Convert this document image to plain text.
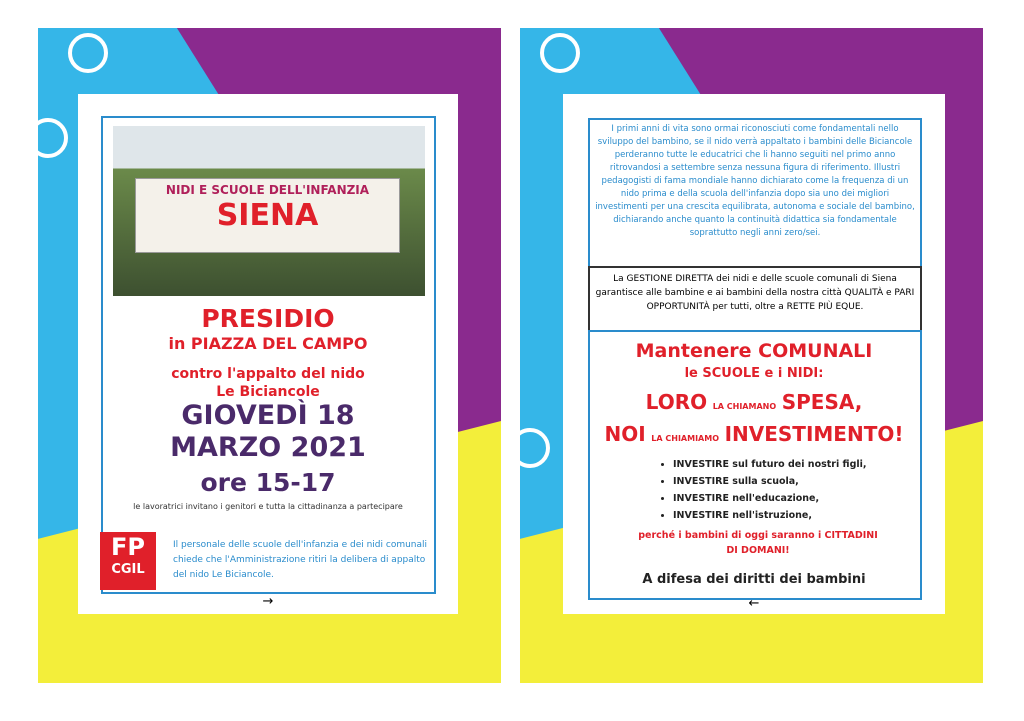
NIDI E SCUOLE DELL'INFANZIA
SIENA
PRESIDIO
in PIAZZA DEL CAMPO
contro l'appalto del nido
Le Biciancole
GIOVEDÌ 18
MARZO 2021
ore 15-17
le lavoratrici invitano i genitori e tutta la cittadinanza a partecipare
FP
CGIL
Il personale delle scuole dell'infanzia e dei nidi comunali chiede che l'Amministrazione ritiri la delibera di appalto del nido Le Biciancole.
→
I primi anni di vita sono ormai riconosciuti come fondamentali nello sviluppo del bambino, se il nido verrà appaltato i bambini delle Biciancole perderanno tutte le educatrici che li hanno seguiti nel primo anno ritrovandosi a settembre senza nessuna figura di riferimento. Illustri pedagogisti di fama mondiale hanno dichiarato come la frequenza di un nido prima e della scuola dell'infanzia dopo sia uno dei migliori investimenti per una crescita equilibrata, autonoma e sociale del bambino, dichiarando anche quanto la continuità didattica sia fondamentale soprattutto negli anni zero/sei.
La GESTIONE DIRETTA dei nidi e delle scuole comunali di Siena garantisce alle bambine e ai bambini della nostra città QUALITÀ e PARI OPPORTUNITÀ per tutti, oltre a RETTE PIÙ EQUE.
Mantenere COMUNALI
le SCUOLE e i NIDI:
LORO LA CHIAMANO SPESA,
NOI LA CHIAMIAMO INVESTIMENTO!
• INVESTIRE sul futuro dei nostri figli,
• INVESTIRE sulla scuola,
• INVESTIRE nell'educazione,
• INVESTIRE nell'istruzione,
perché i bambini di oggi saranno i CITTADINI DI DOMANI!
A difesa dei diritti dei bambini
←
